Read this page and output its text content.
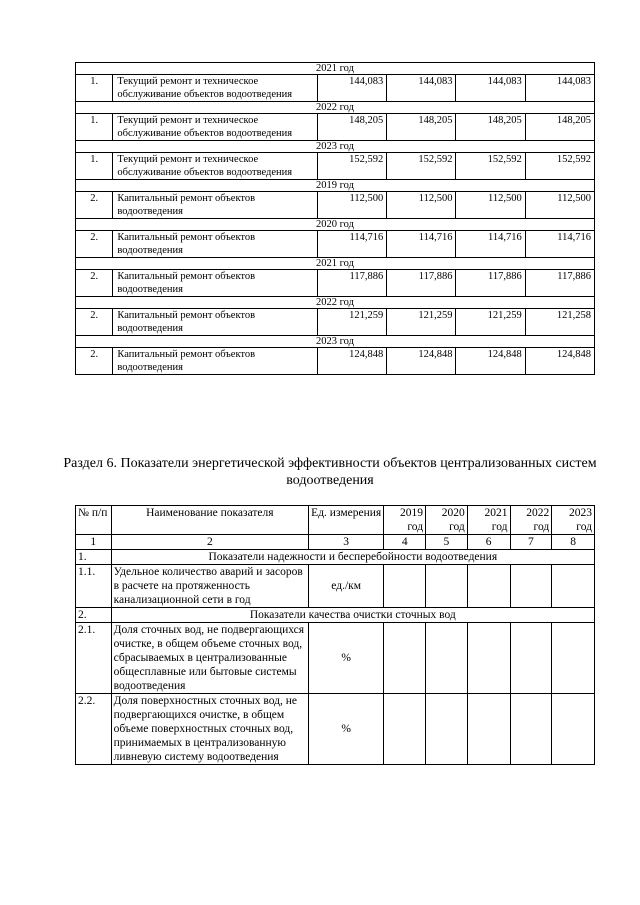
2021 год					
1.	Текущий ремонт и техническое обслуживание объектов водоотведения	144,083	144,083	144,083	144,083
2022 год					
1.	Текущий ремонт и техническое обслуживание объектов водоотведения	148,205	148,205	148,205	148,205
2023 год					
1.	Текущий ремонт и техническое обслуживание объектов водоотведения	152,592	152,592	152,592	152,592
2019 год					
2.	Капитальный ремонт объектов водоотведения	112,500	112,500	112,500	112,500
2020 год					
2.	Капитальный ремонт объектов водоотведения	114,716	114,716	114,716	114,716
2021 год					
2.	Капитальный ремонт объектов водоотведения	117,886	117,886	117,886	117,886
2022 год					
2.	Капитальный ремонт объектов водоотведения	121,259	121,259	121,259	121,258
2023 год					
2.	Капитальный ремонт объектов водоотведения	124,848	124,848	124,848	124,848
Раздел 6. Показатели энергетической эффективности объектов централизованных систем водоотведения
№ п/п	Наименование показателя	Ед. измерения	2019 год	2020 год	2021 год	2022 год	2023 год
1	2	3	4	5	6	7	8
1.	Показатели надежности и бесперебойности водоотведения						
1.1.	Удельное количество аварий и засоров в расчете на протяженность канализационной сети в год	ед./км					
2.	Показатели качества очистки сточных вод						
2.1.	Доля сточных вод, не подвергающихся очистке, в общем объеме сточных вод, сбрасываемых в централизованные общесплавные или бытовые системы водоотведения	%					
2.2.	Доля поверхностных сточных вод, не подвергающихся очистке, в общем объеме поверхностных сточных вод, принимаемых в централизованную ливневую систему водоотведения	%					
